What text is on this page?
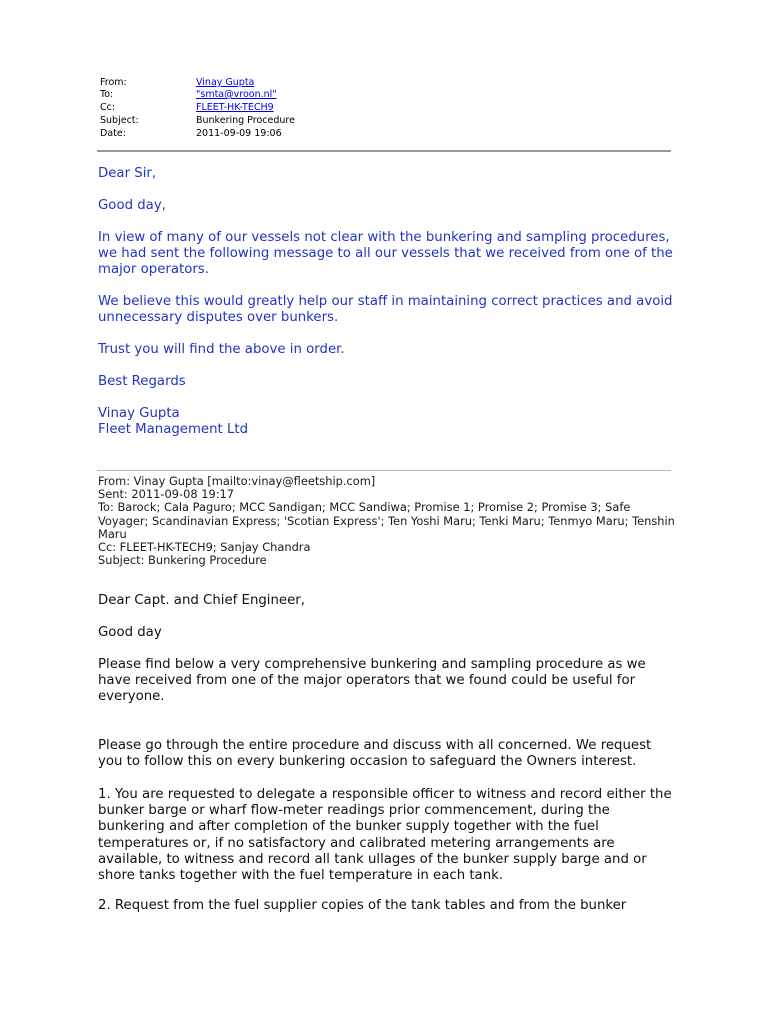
From:	Vinay Gupta
To:	"smta@vroon.nl"
Cc:	FLEET-HK-TECH9
Subject:	Bunkering Procedure
Date:	2011-09-09 19:06

Dear Sir,

Good day,

In view of many of our vessels not clear with the bunkering and sampling procedures, we had sent the following message to all our vessels that we received from one of the major operators.

We believe this would greatly help our staff in maintaining correct practices and avoid unnecessary disputes over bunkers.

Trust you will find the above in order.

Best Regards

Vinay Gupta

Fleet Management Ltd

From: Vinay Gupta [mailto:vinay@fleetship.com]
Sent: 2011-09-08 19:17
To: Barock; Cala Paguro; MCC Sandigan; MCC Sandiwa; Promise 1; Promise 2; Promise 3; Safe Voyager; Scandinavian Express; 'Scotian Express'; Ten Yoshi Maru; Tenki Maru; Tenmyo Maru; Tenshin Maru
Cc: FLEET-HK-TECH9; Sanjay Chandra
Subject: Bunkering Procedure

Dear Capt. and Chief Engineer,

Good day

Please find below a very comprehensive bunkering and sampling procedure as we have received from one of the major operators that we found could be useful for everyone.

Please go through the entire procedure and discuss with all concerned. We request you to follow this on every bunkering occasion to safeguard the Owners interest.

1. You are requested to delegate a responsible officer to witness and record either the bunker barge or wharf flow-meter readings prior commencement, during the bunkering and after completion of the bunker supply together with the fuel temperatures or, if no satisfactory and calibrated metering arrangements are available, to witness and record all tank ullages of the bunker supply barge and or shore tanks together with the fuel temperature in each tank.

2. Request from the fuel supplier copies of the tank tables and from the bunker
